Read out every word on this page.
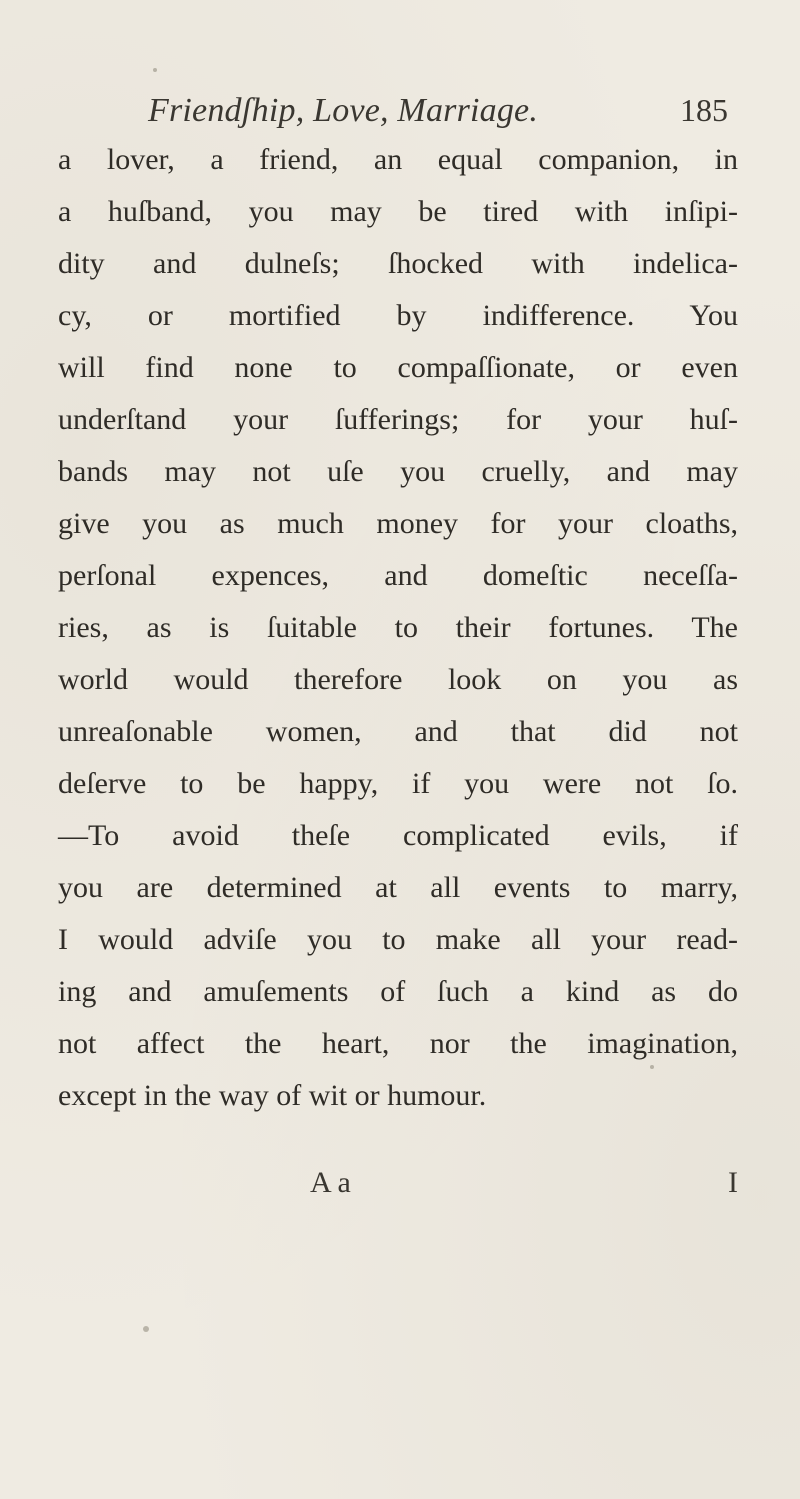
Friendʃhip, Love, Marriage.	185
a lover, a friend, an equal companion, in
a huſband, you may be tired with inſipi-
dity and dulneſs; ſhocked with indelica-
cy, or mortified by indifference. You
will find none to compaſſionate, or even
underſtand your ſufferings; for your huſ-
bands may not uſe you cruelly, and may
give you as much money for your cloaths,
perſonal expences, and domeſtic neceſſa-
ries, as is ſuitable to their fortunes. The
world would therefore look on you as
unreaſonable women, and that did not
deſerve to be happy, if you were not ſo.
—To avoid theſe complicated evils, if
you are determined at all events to marry,
I would adviſe you to make all your read-
ing and amuſements of ſuch a kind as do
not affect the heart, nor the imagination,
except in the way of wit or humour.
A a	I
